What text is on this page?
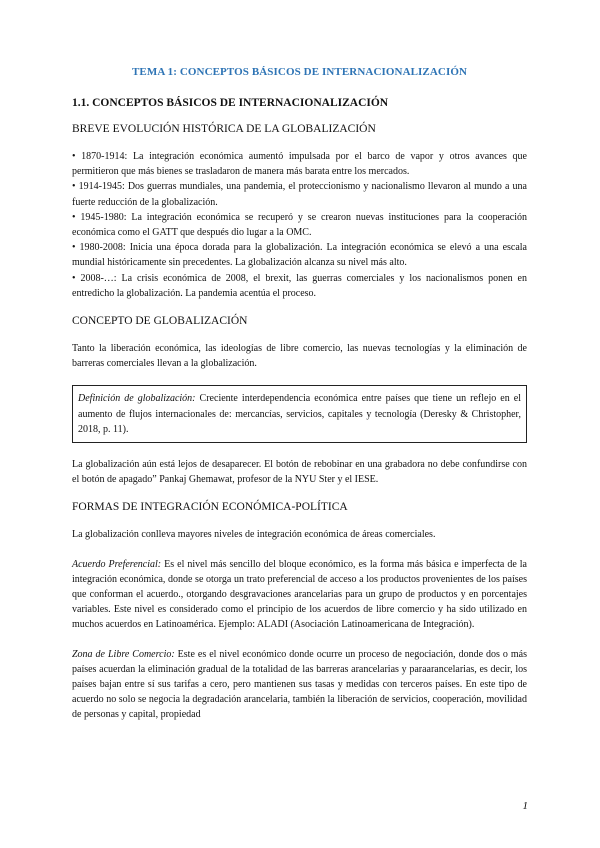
TEMA 1: CONCEPTOS BÁSICOS DE INTERNACIONALIZACIÓN
1.1. CONCEPTOS BÁSICOS DE INTERNACIONALIZACIÓN
BREVE EVOLUCIÓN HISTÓRICA DE LA GLOBALIZACIÓN

• 1870-1914: La integración económica aumentó impulsada por el barco de vapor y otros avances que permitieron que más bienes se trasladaron de manera más barata entre los mercados.

• 1914-1945: Dos guerras mundiales, una pandemia, el proteccionismo y nacionalismo llevaron al mundo a una fuerte reducción de la globalización.

• 1945-1980: La integración económica se recuperó y se crearon nuevas instituciones para la cooperación económica como el GATT que después dio lugar a la OMC.

• 1980-2008: Inicia una época dorada para la globalización. La integración económica se elevó a una escala mundial históricamente sin precedentes. La globalización alcanza su nivel más alto.

• 2008-…: La crisis económica de 2008, el brexit, las guerras comerciales y los nacionalismos ponen en entredicho la globalización. La pandemia acentúa el proceso.

CONCEPTO DE GLOBALIZACIÓN

Tanto la liberación económica, las ideologías de libre comercio, las nuevas tecnologías y la eliminación de barreras comerciales llevan a la globalización.

Definición de globalización: Creciente interdependencia económica entre países que tiene un reflejo en el aumento de flujos internacionales de: mercancías, servicios, capitales y tecnología (Deresky & Christopher, 2018, p. 11).

La globalización aún está lejos de desaparecer. El botón de rebobinar en una grabadora no debe confundirse con el botón de apagado” Pankaj Ghemawat, profesor de la NYU Ster y el IESE.

FORMAS DE INTEGRACIÓN ECONÓMICA-POLÍTICA

La globalización conlleva mayores niveles de integración económica de áreas comerciales.

Acuerdo Preferencial: Es el nivel más sencillo del bloque económico, es la forma más básica e imperfecta de la integración económica, donde se otorga un trato preferencial de acceso a los productos provenientes de los países que conforman el acuerdo., otorgando desgravaciones arancelarias para un grupo de productos y en porcentajes variables. Este nivel es considerado como el principio de los acuerdos de libre comercio y ha sido utilizado en muchos acuerdos en Latinoamérica. Ejemplo: ALADI (Asociación Latinoamericana de Integración).

Zona de Libre Comercio: Este es el nivel económico donde ocurre un proceso de negociación, donde dos o más países acuerdan la eliminación gradual de la totalidad de las barreras arancelarias y paraarancelarias, es decir, los países bajan entre sí sus tarifas a cero, pero mantienen sus tasas y medidas con terceros países. En este tipo de acuerdo no solo se negocia la degradación arancelaria, también la liberación de servicios, cooperación, movilidad de personas y capital, propiedad

1
